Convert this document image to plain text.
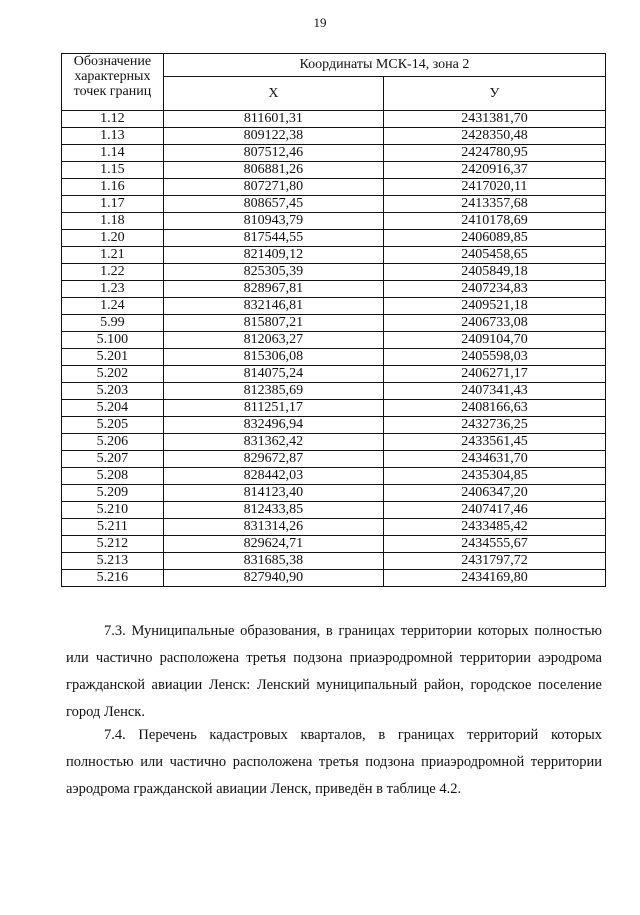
19
Обозначение характерных точек границ	Координаты МСК-14, зона 2	
	X	У
1.12	811601,31	2431381,70
1.13	809122,38	2428350,48
1.14	807512,46	2424780,95
1.15	806881,26	2420916,37
1.16	807271,80	2417020,11
1.17	808657,45	2413357,68
1.18	810943,79	2410178,69
1.20	817544,55	2406089,85
1.21	821409,12	2405458,65
1.22	825305,39	2405849,18
1.23	828967,81	2407234,83
1.24	832146,81	2409521,18
5.99	815807,21	2406733,08
5.100	812063,27	2409104,70
5.201	815306,08	2405598,03
5.202	814075,24	2406271,17
5.203	812385,69	2407341,43
5.204	811251,17	2408166,63
5.205	832496,94	2432736,25
5.206	831362,42	2433561,45
5.207	829672,87	2434631,70
5.208	828442,03	2435304,85
5.209	814123,40	2406347,20
5.210	812433,85	2407417,46
5.211	831314,26	2433485,42
5.212	829624,71	2434555,67
5.213	831685,38	2431797,72
5.216	827940,90	2434169,80

7.3. Муниципальные образования, в границах территории которых полностью или частично расположена третья подзона приаэродромной территории аэродрома гражданской авиации Ленск: Ленский муниципальный район, городское поселение город Ленск.

7.4. Перечень кадастровых кварталов, в границах территорий которых полностью или частично расположена третья подзона приаэродромной территории аэродрома гражданской авиации Ленск, приведён в таблице 4.2.
